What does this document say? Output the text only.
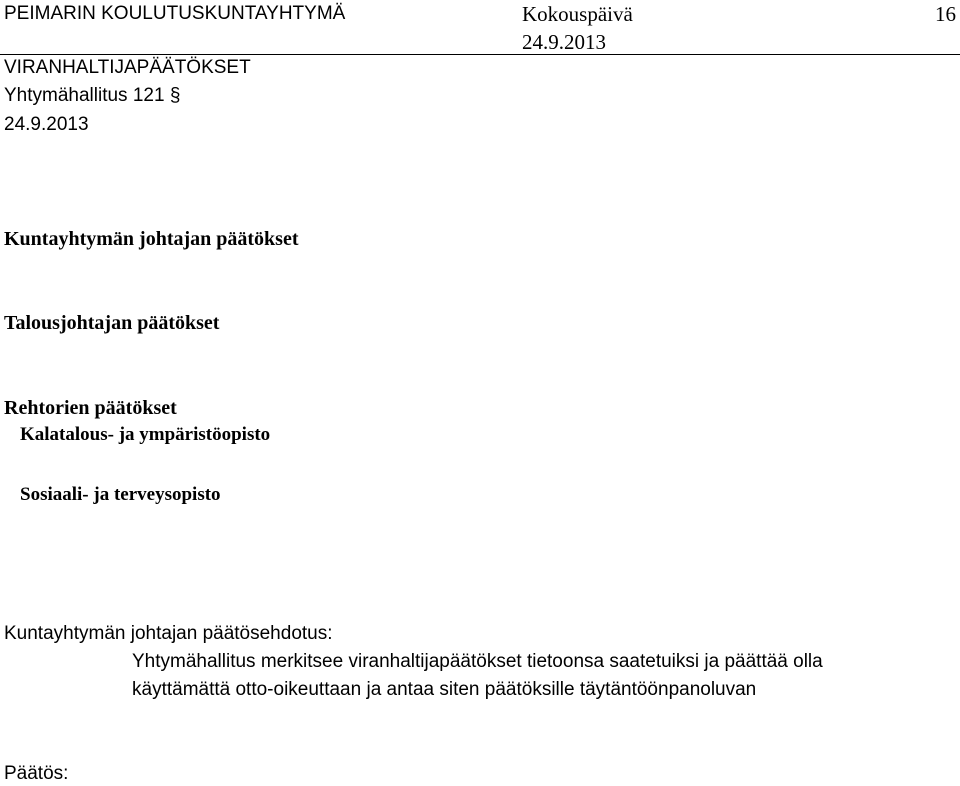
PEIMARIN KOULUTUSKUNTAYHTYMÄ	Kokouspäivä	16
24.9.2013
VIRANHALTIJAPÄÄTÖKSET
Yhtymähallitus 121 §
24.9.2013
Kuntayhtymän johtajan päätökset
Talousjohtajan päätökset
Rehtorien päätökset
Kalatalous- ja ympäristöopisto
Sosiaali- ja terveysopisto
Kuntayhtymän johtajan päätösehdotus:
Yhtymähallitus merkitsee viranhaltijapäätökset tietoonsa saatetuiksi ja päättää olla
käyttämättä otto-oikeuttaan ja antaa siten päätöksille täytäntöönpanoluvan
Päätös:
